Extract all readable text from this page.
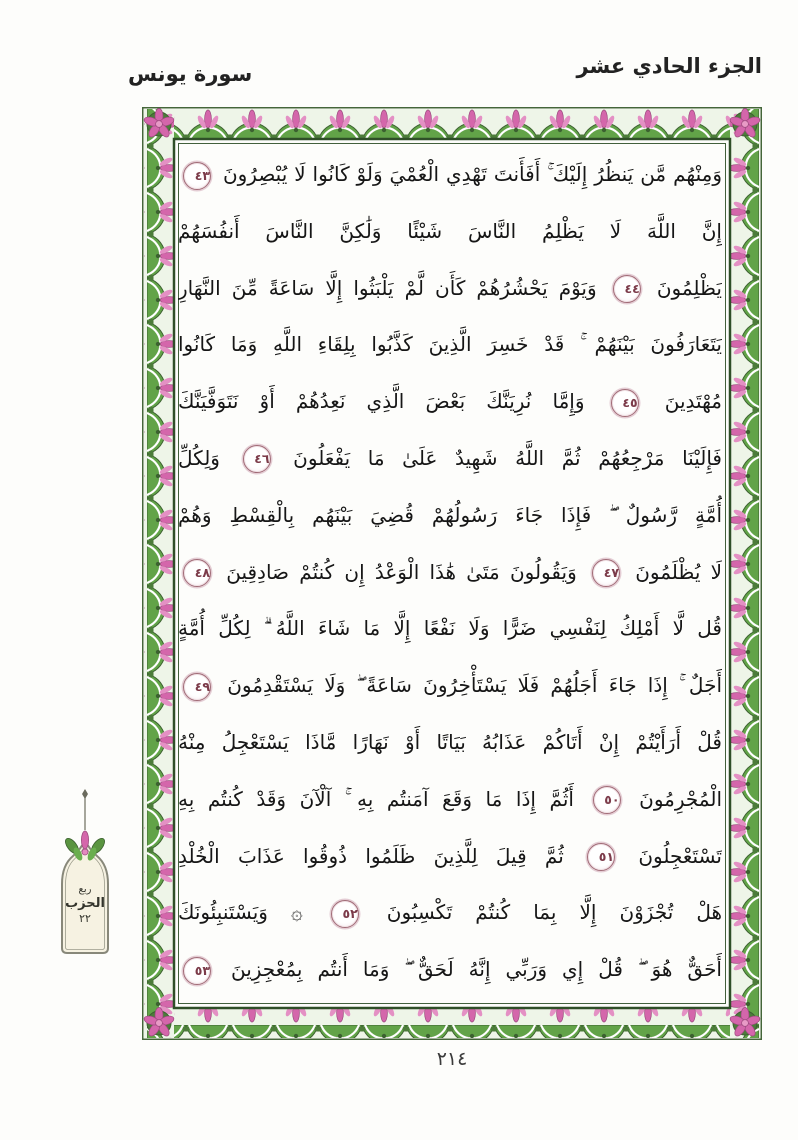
الجزء الحادي عشر
سورة يونس
وَمِنْهُم مَّن يَنظُرُ إِلَيْكَ ۚ أَفَأَنتَ تَهْدِي الْعُمْيَ وَلَوْ كَانُوا لَا يُبْصِرُونَ ٤٣
إِنَّ اللَّهَ لَا يَظْلِمُ النَّاسَ شَيْئًا وَلَٰكِنَّ النَّاسَ أَنفُسَهُمْ
يَظْلِمُونَ ٤٤ وَيَوْمَ يَحْشُرُهُمْ كَأَن لَّمْ يَلْبَثُوا إِلَّا سَاعَةً مِّنَ النَّهَارِ
يَتَعَارَفُونَ بَيْنَهُمْ ۚ قَدْ خَسِرَ الَّذِينَ كَذَّبُوا بِلِقَاءِ اللَّهِ وَمَا كَانُوا
مُهْتَدِينَ ٤٥ وَإِمَّا نُرِيَنَّكَ بَعْضَ الَّذِي نَعِدُهُمْ أَوْ نَتَوَفَّيَنَّكَ
فَإِلَيْنَا مَرْجِعُهُمْ ثُمَّ اللَّهُ شَهِيدٌ عَلَىٰ مَا يَفْعَلُونَ ٤٦ وَلِكُلِّ
أُمَّةٍ رَّسُولٌ ۖ فَإِذَا جَاءَ رَسُولُهُمْ قُضِيَ بَيْنَهُم بِالْقِسْطِ وَهُمْ
لَا يُظْلَمُونَ ٤٧ وَيَقُولُونَ مَتَىٰ هَٰذَا الْوَعْدُ إِن كُنتُمْ صَادِقِينَ ٤٨
قُل لَّا أَمْلِكُ لِنَفْسِي ضَرًّا وَلَا نَفْعًا إِلَّا مَا شَاءَ اللَّهُ ۗ لِكُلِّ أُمَّةٍ
أَجَلٌ ۚ إِذَا جَاءَ أَجَلُهُمْ فَلَا يَسْتَأْخِرُونَ سَاعَةً ۖ وَلَا يَسْتَقْدِمُونَ ٤٩
قُلْ أَرَأَيْتُمْ إِنْ أَتَاكُمْ عَذَابُهُ بَيَاتًا أَوْ نَهَارًا مَّاذَا يَسْتَعْجِلُ مِنْهُ
الْمُجْرِمُونَ ٥٠ أَثُمَّ إِذَا مَا وَقَعَ آمَنتُم بِهِ ۚ آلْآنَ وَقَدْ كُنتُم بِهِ
تَسْتَعْجِلُونَ ٥١ ثُمَّ قِيلَ لِلَّذِينَ ظَلَمُوا ذُوقُوا عَذَابَ الْخُلْدِ
هَلْ تُجْزَوْنَ إِلَّا بِمَا كُنتُمْ تَكْسِبُونَ ٥٢ ۞ وَيَسْتَنبِئُونَكَ
أَحَقٌّ هُوَ ۖ قُلْ إِي وَرَبِّي إِنَّهُ لَحَقٌّ ۖ وَمَا أَنتُم بِمُعْجِزِينَ ٥٣
ربع
الحزب
٢٢
٢١٤
